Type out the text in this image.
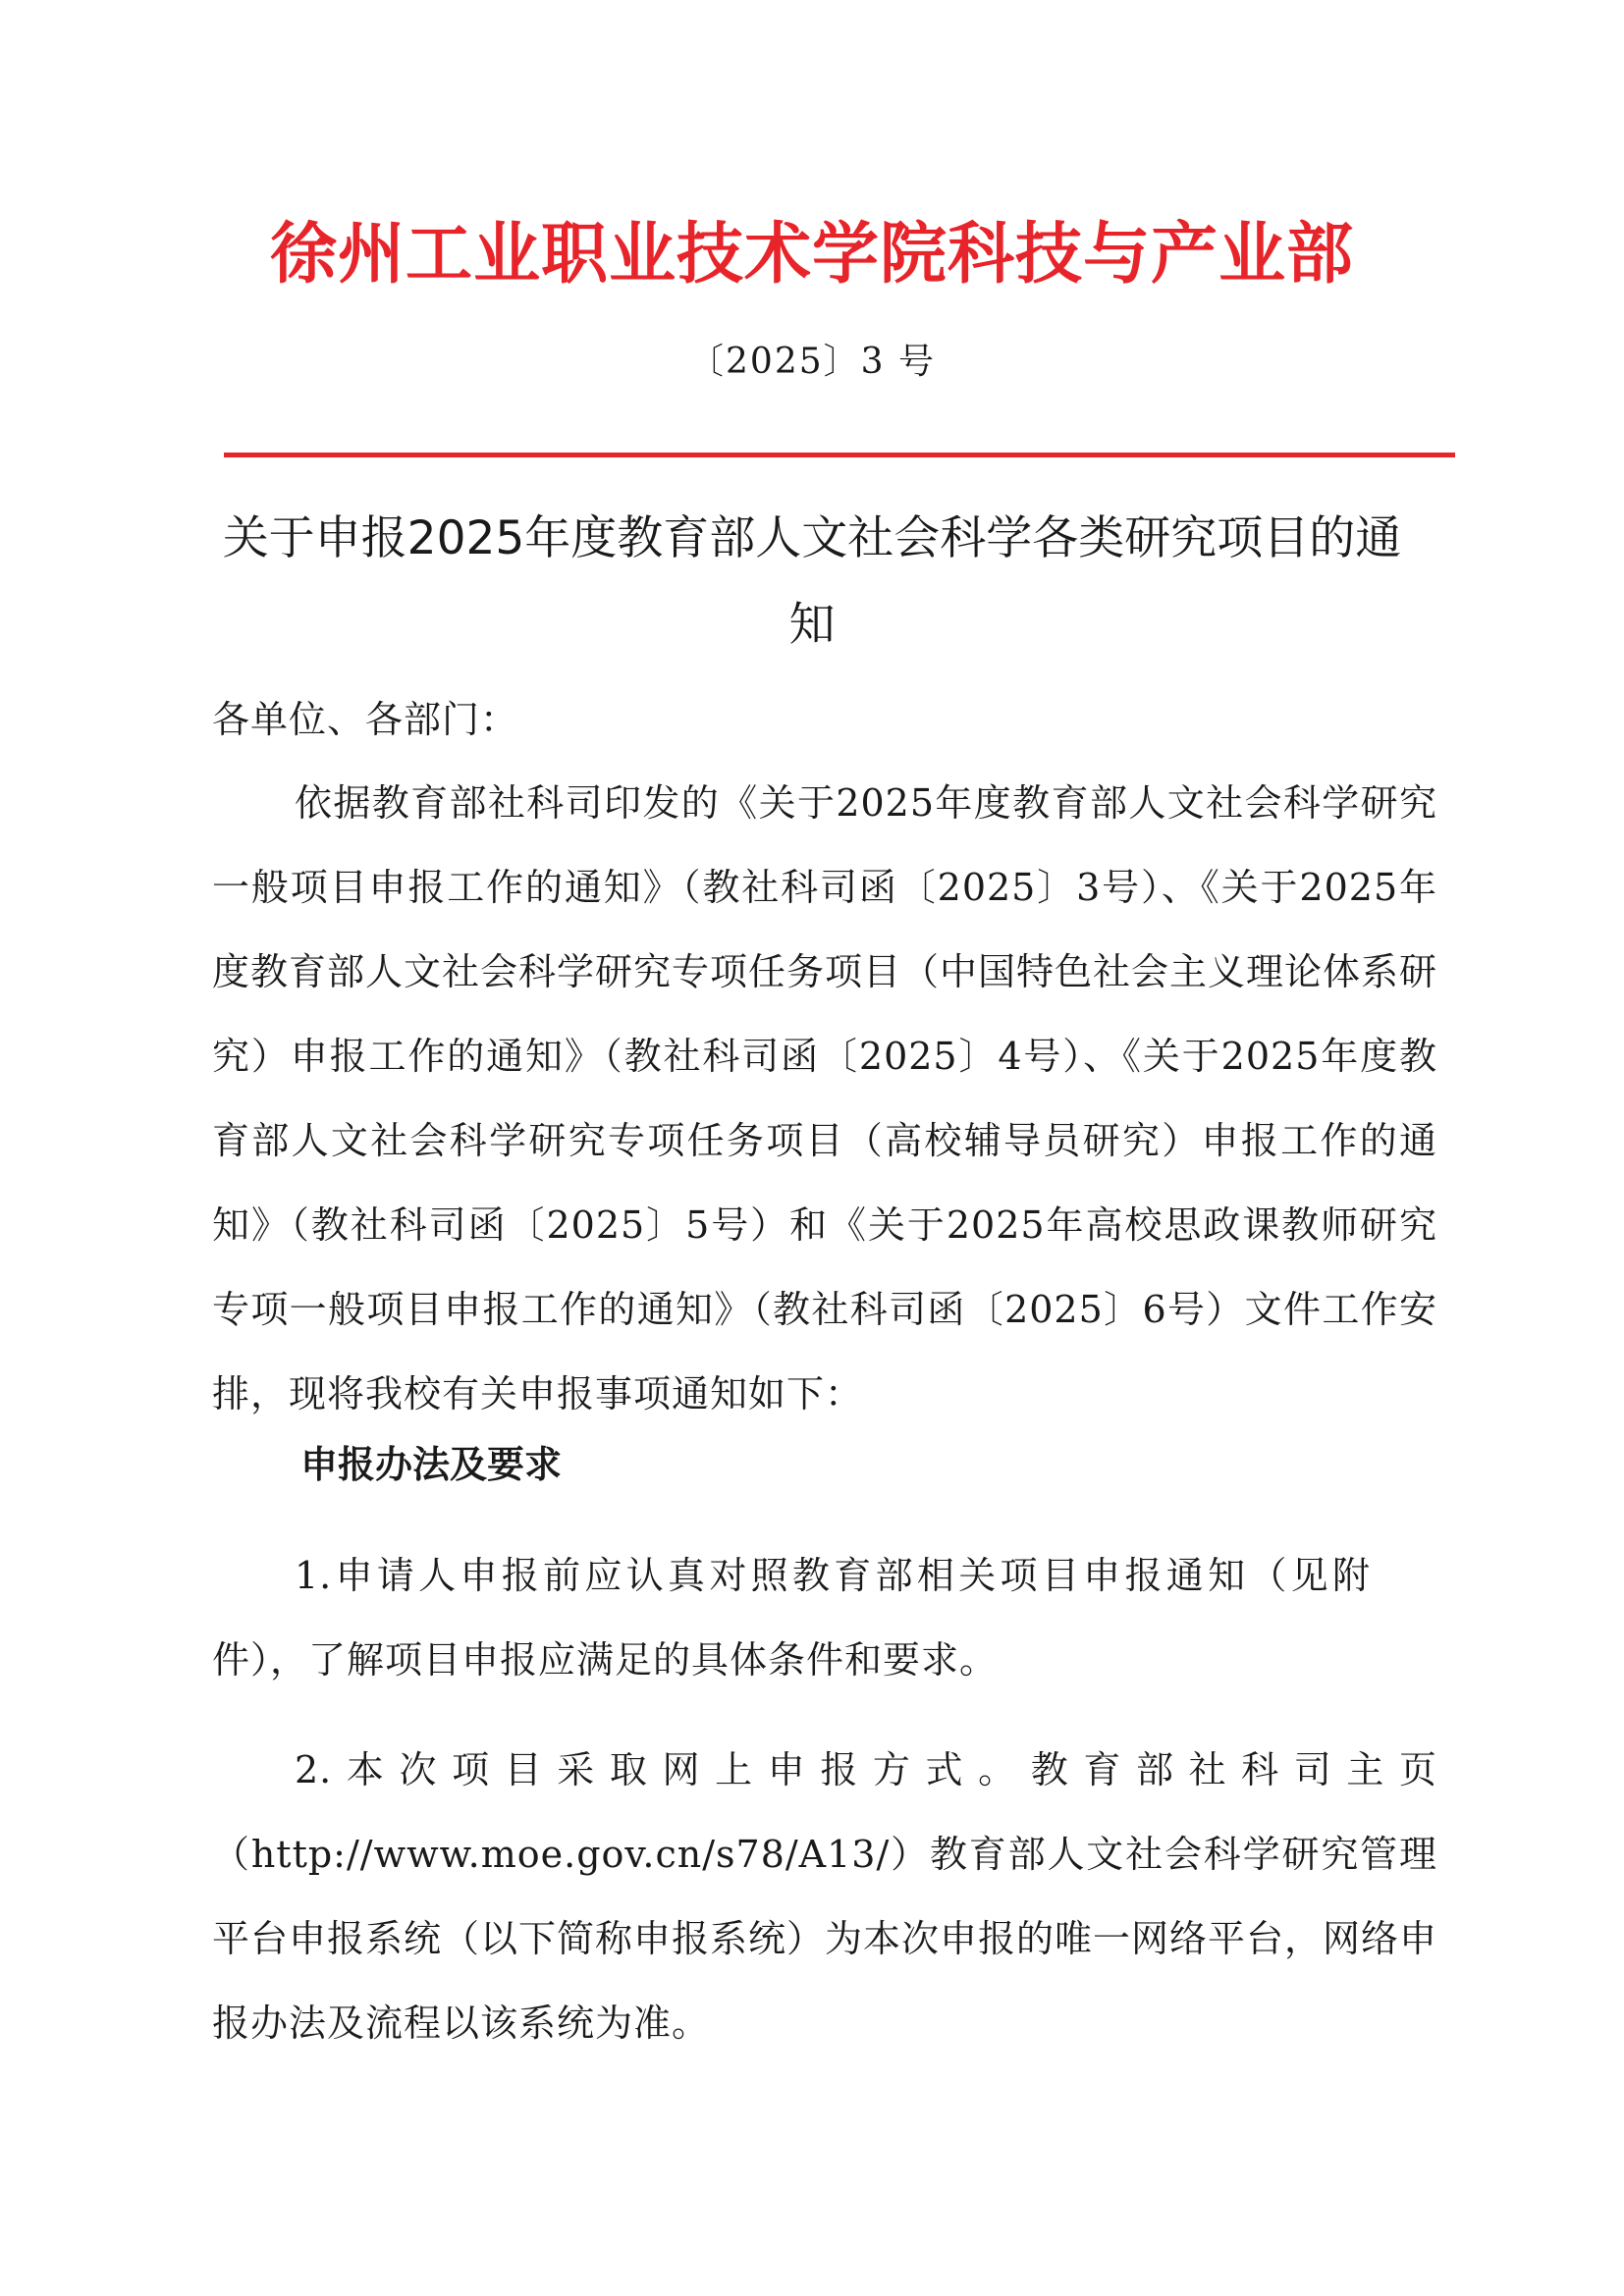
徐州工业职业技术学院科技与产业部
〔2025〕3 号
关于申报2025年度教育部人文社会科学各类研究项目的通知
各单位、各部门：
依据教育部社科司印发的《关于2025年度教育部人文社会科学研究一般项目申报工作的通知》（教社科司函〔2025〕3号）、《关于2025年度教育部人文社会科学研究专项任务项目（中国特色社会主义理论体系研究）申报工作的通知》（教社科司函〔2025〕4号）、《关于2025年度教育部人文社会科学研究专项任务项目（高校辅导员研究）申报工作的通知》（教社科司函〔2025〕5号）和《关于2025年高校思政课教师研究专项一般项目申报工作的通知》（教社科司函〔2025〕6号）文件工作安排，现将我校有关申报事项通知如下：
申报办法及要求
1.申请人申报前应认真对照教育部相关项目申报通知（见附件），了解项目申报应满足的具体条件和要求。
2.本次项目采取网上申报方式。教育部社科司主页（http://www.moe.gov.cn/s78/A13/）教育部人文社会科学研究管理平台申报系统（以下简称申报系统）为本次申报的唯一网络平台，网络申报办法及流程以该系统为准。
